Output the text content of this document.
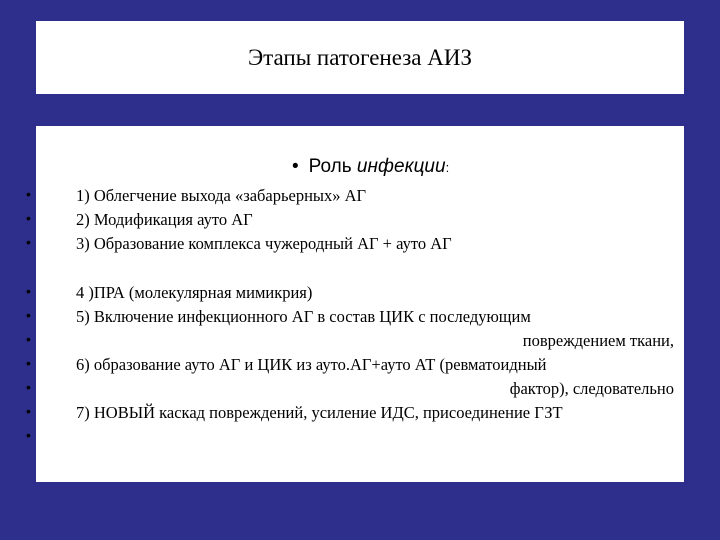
Этапы патогенеза АИЗ
• Роль инфекции:
•	1) Облегчение выхода «забарьерных» АГ
•	2) Модификация ауто АГ
•	3) Образование комплекса чужеродный АГ + ауто АГ
•	4 )ПРА (молекулярная мимикрия)
•	5) Включение инфекционного АГ в состав ЦИК с последующим
•	повреждением ткани,
•	6) образование ауто АГ и ЦИК из ауто.АГ+ауто АТ (ревматоидный
•	фактор), следовательно
•	7) НОВЫЙ каскад повреждений, усиление ИДС, присоединение ГЗТ
•
